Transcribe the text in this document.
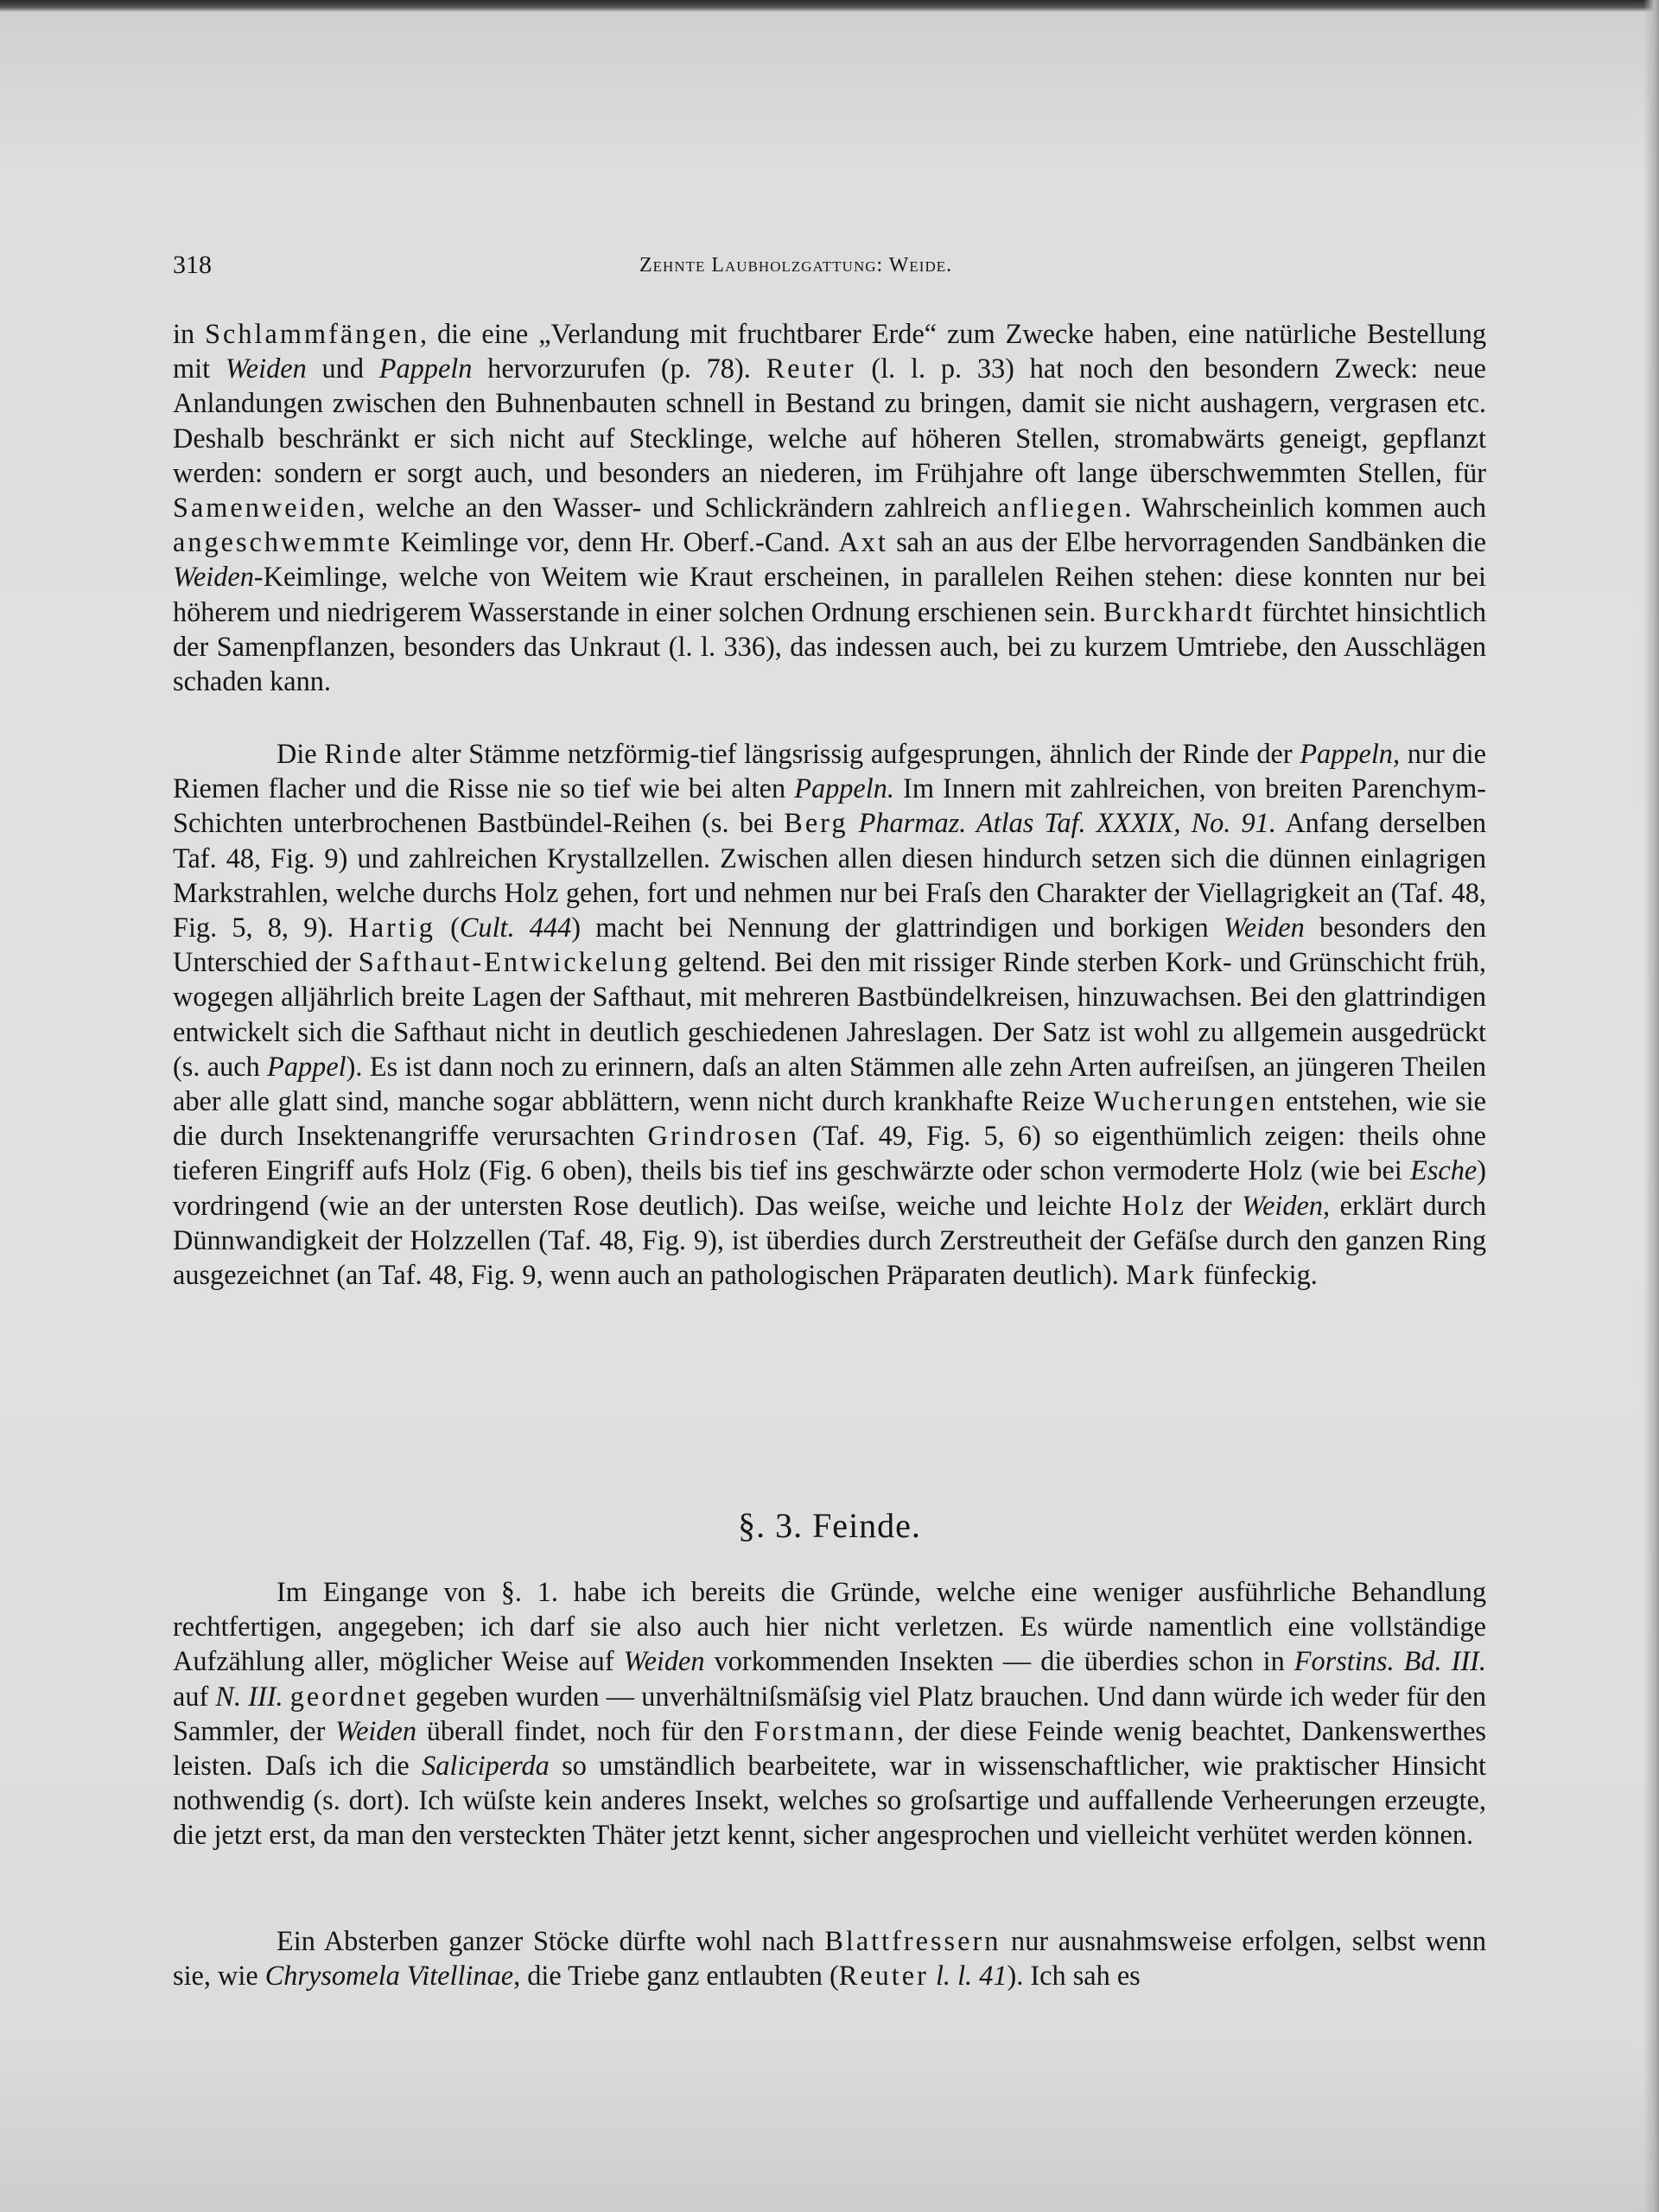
318	Zehnte Laubholzgattung: Weide.

in Schlammfängen, die eine „Verlandung mit fruchtbarer Erde“ zum Zwecke haben, eine natürliche Bestellung mit Weiden und Pappeln hervorzurufen (p. 78). Reuter (l. l. p. 33) hat noch den besondern Zweck: neue Anlandungen zwischen den Buhnenbauten schnell in Bestand zu bringen, damit sie nicht aushagern, vergrasen etc. Deshalb beschränkt er sich nicht auf Stecklinge, welche auf höheren Stellen, stromabwärts geneigt, gepflanzt werden: sondern er sorgt auch, und besonders an niederen, im Frühjahre oft lange überschwemmten Stellen, für Samenweiden, welche an den Wasser- und Schlickrändern zahlreich anfliegen. Wahrscheinlich kommen auch angeschwemmte Keimlinge vor, denn Hr. Oberf.-Cand. Axt sah an aus der Elbe hervorragenden Sandbänken die Weiden-Keimlinge, welche von Weitem wie Kraut erscheinen, in parallelen Reihen stehen: diese konnten nur bei höherem und niedrigerem Wasserstande in einer solchen Ordnung erschienen sein. Burckhardt fürchtet hinsichtlich der Samenpflanzen, besonders das Unkraut (l. l. 336), das indessen auch, bei zu kurzem Umtriebe, den Ausschlägen schaden kann.

Die Rinde alter Stämme netzförmig-tief längsrissig aufgesprungen, ähnlich der Rinde der Pappeln, nur die Riemen flacher und die Risse nie so tief wie bei alten Pappeln. Im Innern mit zahlreichen, von breiten Parenchym-Schichten unterbrochenen Bastbündel-Reihen (s. bei Berg Pharmaz. Atlas Taf. XXXIX, No. 91. Anfang derselben Taf. 48, Fig. 9) und zahlreichen Krystallzellen. Zwischen allen diesen hindurch setzen sich die dünnen einlagrigen Markstrahlen, welche durchs Holz gehen, fort und nehmen nur bei Fraſs den Charakter der Viellagrigkeit an (Taf. 48, Fig. 5, 8, 9). Hartig (Cult. 444) macht bei Nennung der glattrindigen und borkigen Weiden besonders den Unterschied der Safthaut-Entwickelung geltend. Bei den mit rissiger Rinde sterben Kork- und Grünschicht früh, wogegen alljährlich breite Lagen der Safthaut, mit mehreren Bastbündelkreisen, hinzuwachsen. Bei den glattrindigen entwickelt sich die Safthaut nicht in deutlich geschiedenen Jahreslagen. Der Satz ist wohl zu allgemein ausgedrückt (s. auch Pappel). Es ist dann noch zu erinnern, daſs an alten Stämmen alle zehn Arten aufreiſsen, an jüngeren Theilen aber alle glatt sind, manche sogar abblättern, wenn nicht durch krankhafte Reize Wucherungen entstehen, wie sie die durch Insektenangriffe verursachten Grindrosen (Taf. 49, Fig. 5, 6) so eigenthümlich zeigen: theils ohne tieferen Eingriff aufs Holz (Fig. 6 oben), theils bis tief ins geschwärzte oder schon vermoderte Holz (wie bei Esche) vordringend (wie an der untersten Rose deutlich). Das weiſse, weiche und leichte Holz der Weiden, erklärt durch Dünnwandigkeit der Holzzellen (Taf. 48, Fig. 9), ist überdies durch Zerstreutheit der Gefäſse durch den ganzen Ring ausgezeichnet (an Taf. 48, Fig. 9, wenn auch an pathologischen Präparaten deutlich). Mark fünfeckig.

§. 3. Feinde.

Im Eingange von §. 1. habe ich bereits die Gründe, welche eine weniger ausführliche Behandlung rechtfertigen, angegeben; ich darf sie also auch hier nicht verletzen. Es würde namentlich eine vollständige Aufzählung aller, möglicher Weise auf Weiden vorkommenden Insekten — die überdies schon in Forstins. Bd. III. auf N. III. geordnet gegeben wurden — unverhältniſsmäſsig viel Platz brauchen. Und dann würde ich weder für den Sammler, der Weiden überall findet, noch für den Forstmann, der diese Feinde wenig beachtet, Dankenswerthes leisten. Daſs ich die Saliciperda so umständlich bearbeitete, war in wissenschaftlicher, wie praktischer Hinsicht nothwendig (s. dort). Ich wüſste kein anderes Insekt, welches so groſsartige und auffallende Verheerungen erzeugte, die jetzt erst, da man den versteckten Thäter jetzt kennt, sicher angesprochen und vielleicht verhütet werden können.

Ein Absterben ganzer Stöcke dürfte wohl nach Blattfressern nur ausnahmsweise erfolgen, selbst wenn sie, wie Chrysomela Vitellinae, die Triebe ganz entlaubten (Reuter l. l. 41). Ich sah es
